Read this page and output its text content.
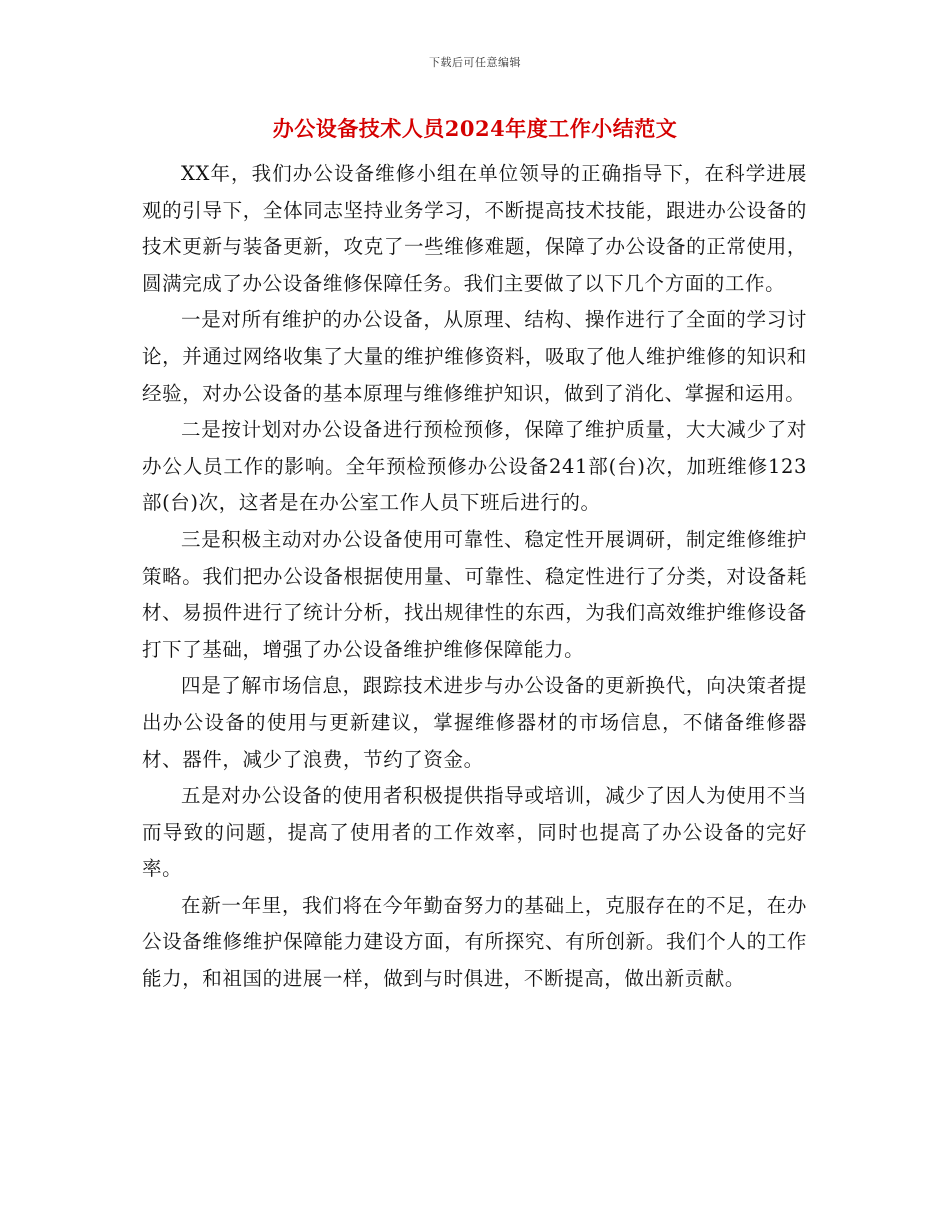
下载后可任意编辑
办公设备技术人员2024年度工作小结范文

XX年，我们办公设备维修小组在单位领导的正确指导下，在科学进展观的引导下，全体同志坚持业务学习，不断提高技术技能，跟进办公设备的技术更新与装备更新，攻克了一些维修难题，保障了办公设备的正常使用，圆满完成了办公设备维修保障任务。我们主要做了以下几个方面的工作。

一是对所有维护的办公设备，从原理、结构、操作进行了全面的学习讨论，并通过网络收集了大量的维护维修资料，吸取了他人维护维修的知识和经验，对办公设备的基本原理与维修维护知识，做到了消化、掌握和运用。

二是按计划对办公设备进行预检预修，保障了维护质量，大大减少了对办公人员工作的影响。全年预检预修办公设备241部(台)次，加班维修123部(台)次，这者是在办公室工作人员下班后进行的。

三是积极主动对办公设备使用可靠性、稳定性开展调研，制定维修维护策略。我们把办公设备根据使用量、可靠性、稳定性进行了分类，对设备耗材、易损件进行了统计分析，找出规律性的东西，为我们高效维护维修设备打下了基础，增强了办公设备维护维修保障能力。

四是了解市场信息，跟踪技术进步与办公设备的更新换代，向决策者提出办公设备的使用与更新建议，掌握维修器材的市场信息，不储备维修器材、器件，减少了浪费，节约了资金。

五是对办公设备的使用者积极提供指导或培训，减少了因人为使用不当而导致的问题，提高了使用者的工作效率，同时也提高了办公设备的完好率。

在新一年里，我们将在今年勤奋努力的基础上，克服存在的不足，在办公设备维修维护保障能力建设方面，有所探究、有所创新。我们个人的工作能力，和祖国的进展一样，做到与时俱进，不断提高，做出新贡献。
